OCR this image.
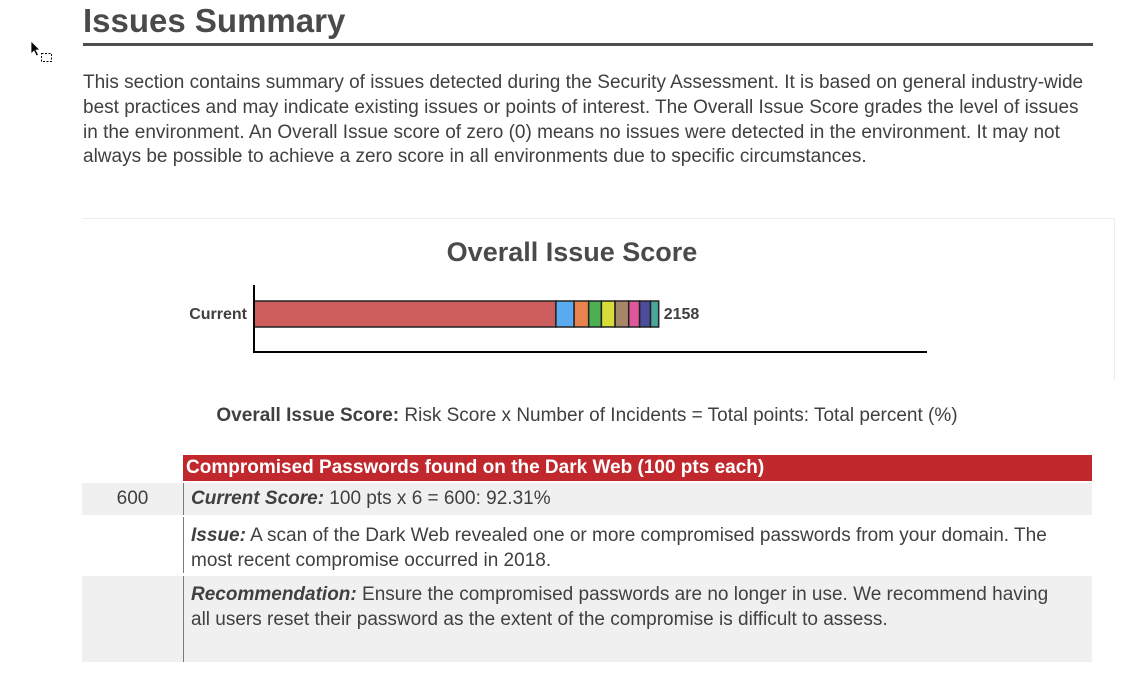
Issues Summary

This section contains summary of issues detected during the Security Assessment. It is based on general industry-wide best practices and may indicate existing issues or points of interest. The Overall Issue Score grades the level of issues in the environment. An Overall Issue score of zero (0) means no issues were detected in the environment. It may not always be possible to achieve a zero score in all environments due to specific circumstances.

Overall Issue Score
Current	2158
Overall Issue Score: Risk Score x Number of Incidents = Total points: Total percent (%)
Compromised Passwords found on the Dark Web (100 pts each)
600	Current Score: 100 pts x 6 = 600: 92.31%
Issue: A scan of the Dark Web revealed one or more compromised passwords from your domain. The most recent compromise occurred in 2018.
Recommendation: Ensure the compromised passwords are no longer in use. We recommend having all users reset their password as the extent of the compromise is difficult to assess.
